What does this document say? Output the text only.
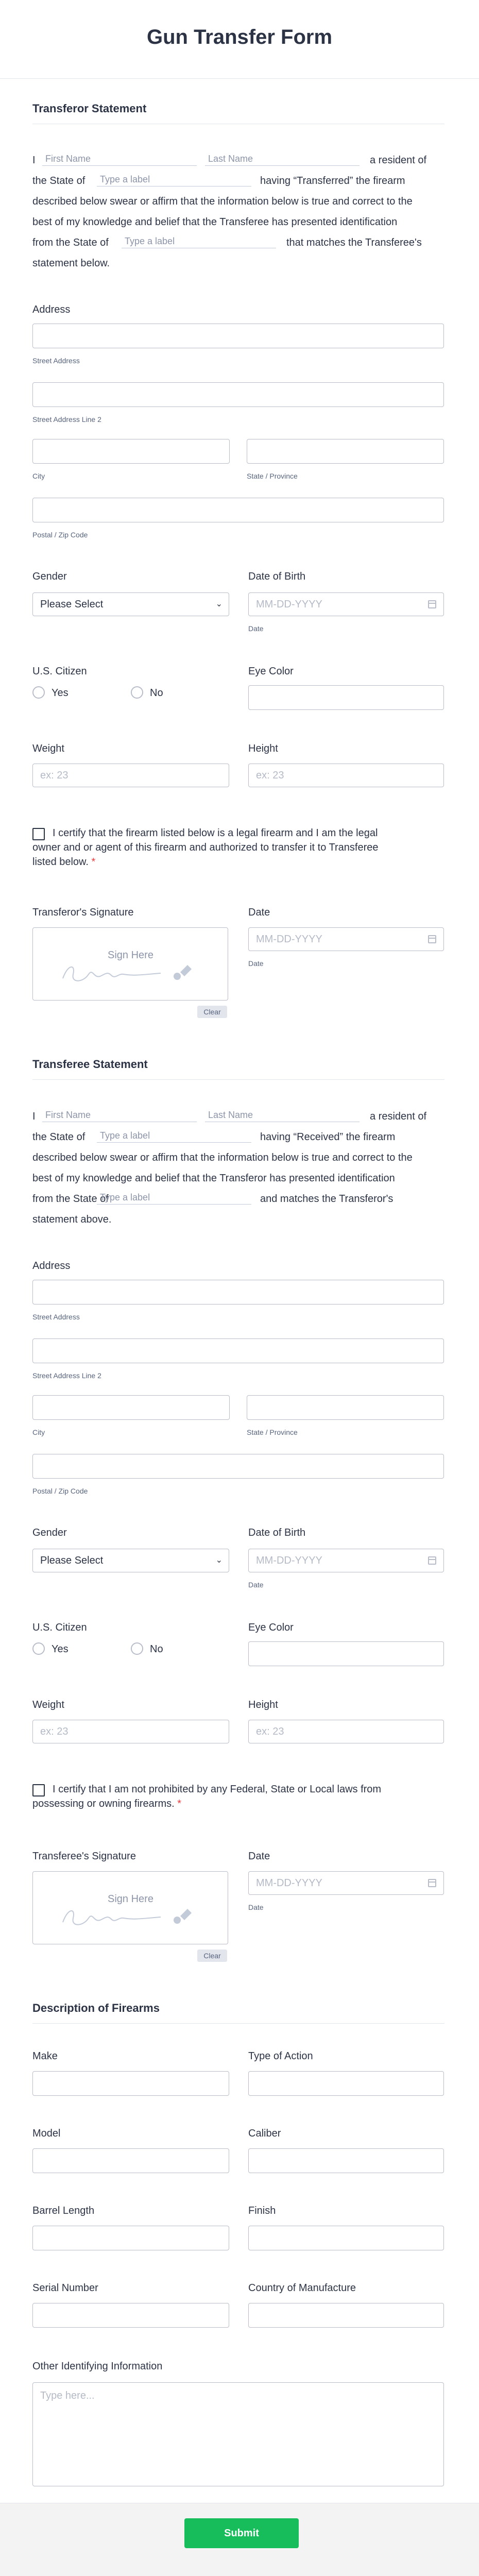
Gun Transfer Form
Transferor Statement
I	First Name	Last Name	a resident of
the State of	Type a label	having “Transferred” the firearm
described below swear or affirm that the information below is true and correct to the
best of my knowledge and belief that the Transferee has presented identification
from the State of	Type a label	that matches the Transferee's
statement below.
Address
Street Address
Street Address Line 2
City	State / Province
Postal / Zip Code
Gender
Please Select	⌄
Date of Birth
MM-DD-YYYY
Date
U.S. Citizen
Yes	No
Eye Color
Weight
ex: 23
Height
ex: 23
I certify that the firearm listed below is a legal firearm and I am the legal
owner and or agent of this firearm and authorized to transfer it to Transferee
listed below. *
Transferor's Signature
Sign Here
Clear
Date
MM-DD-YYYY
Date
Transferee Statement
I	First Name	Last Name	a resident of
the State of	Type a label	having “Received” the firearm
described below swear or affirm that the information below is true and correct to the
best of my knowledge and belief that the Transferor has presented identification
from the State of
Type a label	and matches the Transferor's
statement above.
Address
Street Address
Street Address Line 2
City	State / Province
Postal / Zip Code
Gender
Please Select	⌄
Date of Birth
MM-DD-YYYY
Date
U.S. Citizen
Yes	No
Eye Color
Weight
ex: 23
Height
ex: 23
I certify that I am not prohibited by any Federal, State or Local laws from
possessing or owning firearms. *
Transferee's Signature
Sign Here
Clear
Date
MM-DD-YYYY
Date
Description of Firearms
Make	Type of Action
Model	Caliber
Barrel Length	Finish
Serial Number	Country of Manufacture
Other Identifying Information
Type here...
Submit
